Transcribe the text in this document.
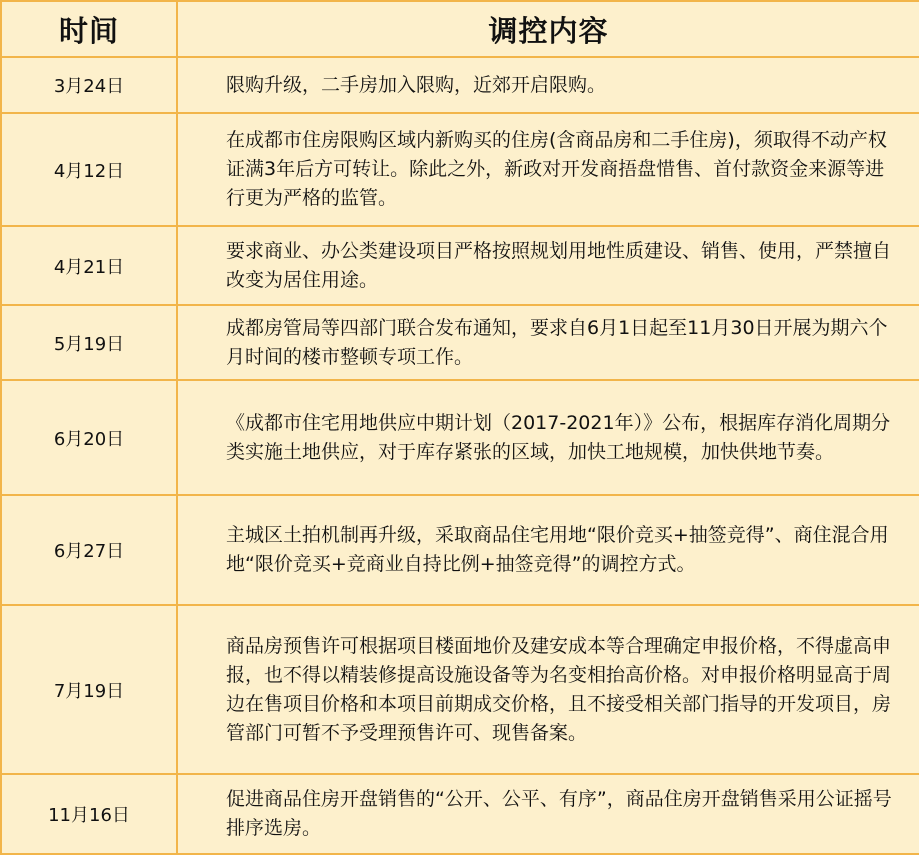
时间	调控内容
3月24日	限购升级，二手房加入限购，近郊开启限购。
4月12日	在成都市住房限购区域内新购买的住房(含商品房和二手住房)，须取得不动产权证满3年后方可转让。除此之外，新政对开发商捂盘惜售、首付款资金来源等进行更为严格的监管。
4月21日	要求商业、办公类建设项目严格按照规划用地性质建设、销售、使用，严禁擅自改变为居住用途。
5月19日	成都房管局等四部门联合发布通知，要求自6月1日起至11月30日开展为期六个月时间的楼市整顿专项工作。
6月20日	《成都市住宅用地供应中期计划（2017-2021年）》公布，根据库存消化周期分类实施土地供应，对于库存紧张的区域，加快工地规模，加快供地节奏。
6月27日	主城区土拍机制再升级，采取商品住宅用地“限价竞买+抽签竞得”、商住混合用地“限价竞买+竞商业自持比例+抽签竞得”的调控方式。
7月19日	商品房预售许可根据项目楼面地价及建安成本等合理确定申报价格，不得虚高申报，也不得以精装修提高设施设备等为名变相抬高价格。对申报价格明显高于周边在售项目价格和本项目前期成交价格，且不接受相关部门指导的开发项目，房管部门可暂不予受理预售许可、现售备案。
11月16日	促进商品住房开盘销售的“公开、公平、有序”，商品住房开盘销售采用公证摇号排序选房。
